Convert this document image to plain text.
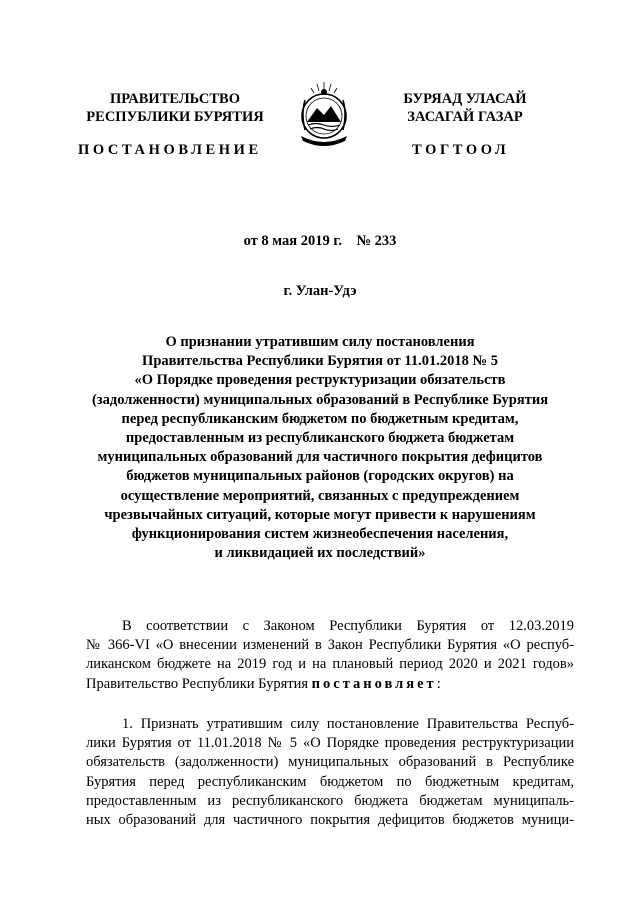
ПРАВИТЕЛЬСТВО
РЕСПУБЛИКИ БУРЯТИЯ
БУРЯАД УЛАСАЙ
ЗАСАГАЙ ГАЗАР
ПОСТАНОВЛЕНИЕ	ТОГТООЛ
от 8 мая 2019 г.    № 233
г. Улан-Удэ
О признании утратившим силу постановления
Правительства Республики Бурятия от 11.01.2018 № 5
«О Порядке проведения реструктуризации обязательств
(задолженности) муниципальных образований в Республике Бурятия
перед республиканским бюджетом по бюджетным кредитам,
предоставленным из республиканского бюджета бюджетам
муниципальных образований для частичного покрытия дефицитов
бюджетов муниципальных районов (городских округов) на
осуществление мероприятий, связанных с предупреждением
чрезвычайных ситуаций, которые могут привести к нарушениям
функционирования систем жизнеобеспечения населения,
и ликвидацией их последствий»
В соответствии с Законом Республики Бурятия от 12.03.2019
№ 366-VI «О внесении изменений в Закон Республики Бурятия «О респуб-
ликанском бюджете на 2019 год и на плановый период 2020 и 2021 годов»
Правительство Республики Бурятия постановляет:
1. Признать утратившим силу постановление Правительства Респуб-
лики Бурятия от 11.01.2018 № 5 «О Порядке проведения реструктуризации
обязательств (задолженности) муниципальных образований в Республике
Бурятия перед республиканским бюджетом по бюджетным кредитам,
предоставленным из республиканского бюджета бюджетам муниципаль-
ных образований для частичного покрытия дефицитов бюджетов муници-
